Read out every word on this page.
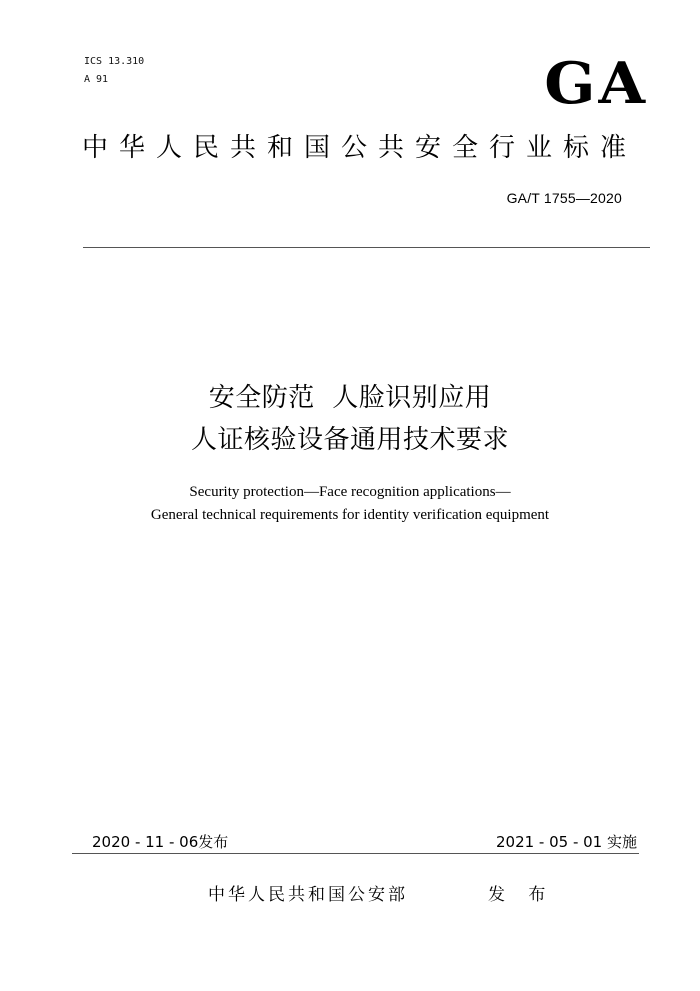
ICS 13.310
A 91	GA
中华人民共和国公共安全行业标准
GA/T 1755—2020
安全防范  人脸识别应用
人证核验设备通用技术要求
Security protection—Face recognition applications—
General technical requirements for identity verification equipment
2020 - 11 - 06发布	2021 - 05 - 01 实施
中华人民共和国公安部	发 布
